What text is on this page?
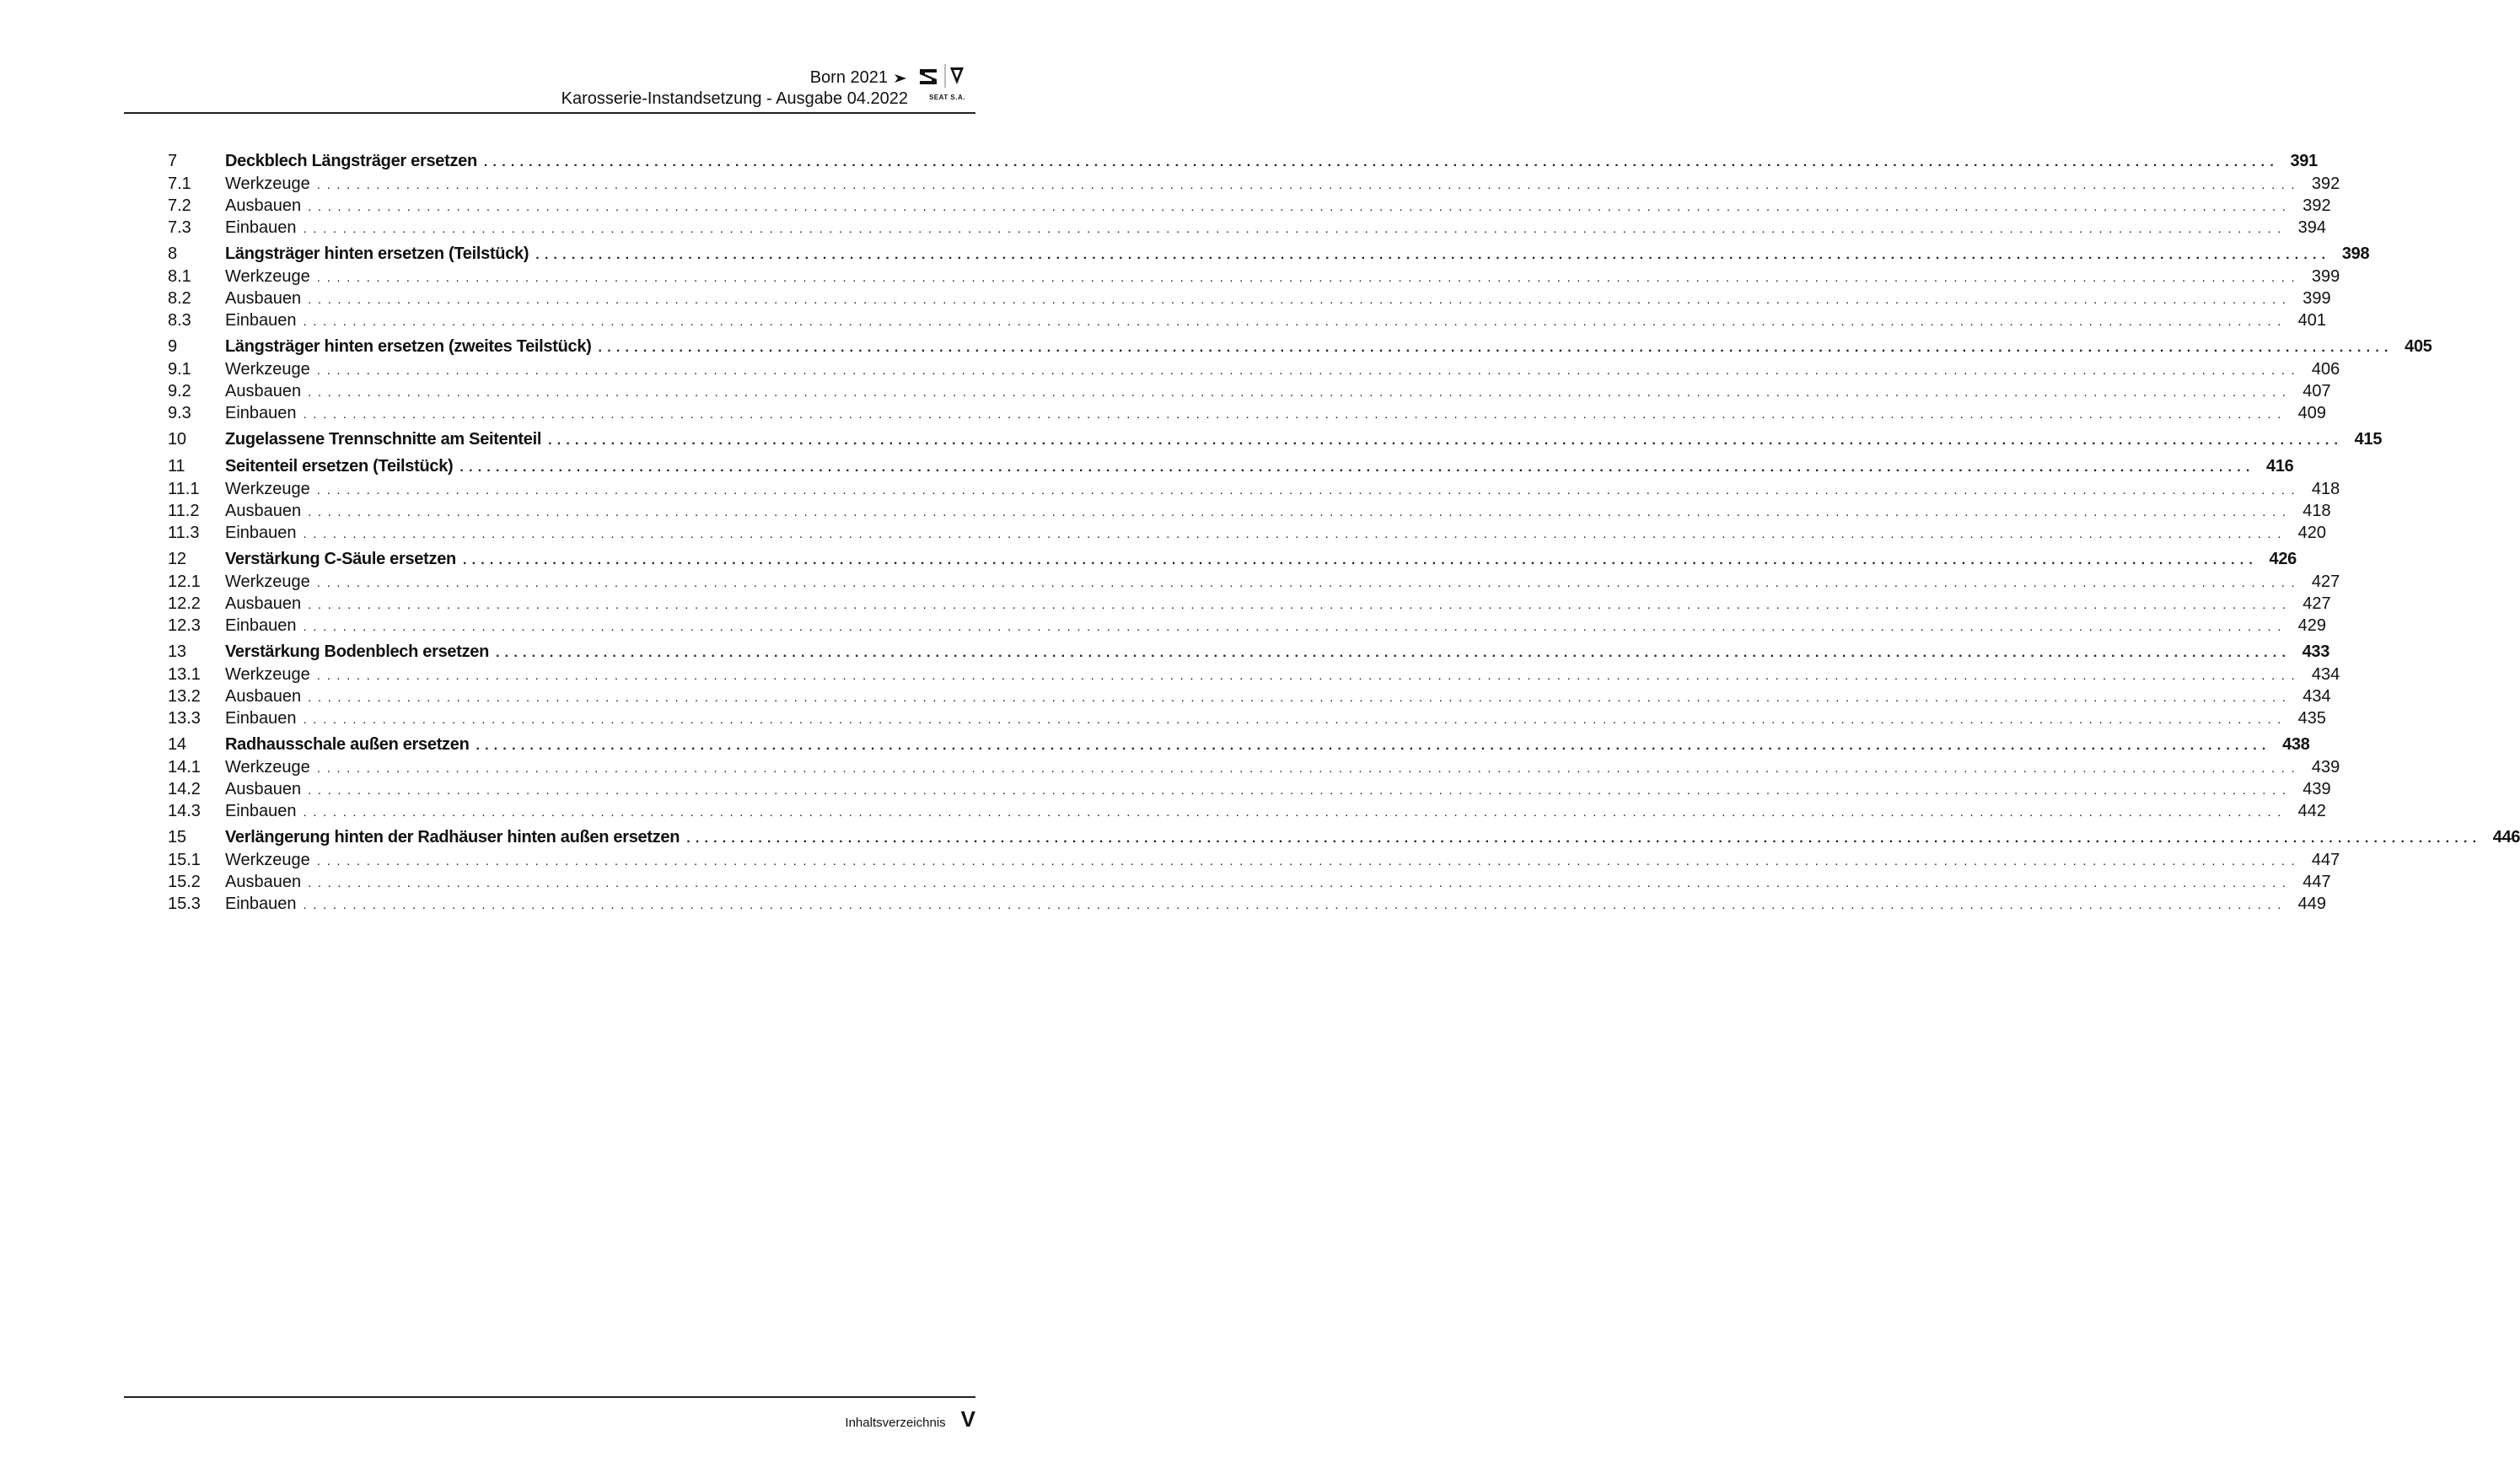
Born 2021
Karosserie-Instandsetzung - Ausgabe 04.2022	SEAT S.A.
7	Deckblech Längsträger ersetzen ........................................................................................................................................................................................................ 391
7.1	Werkzeuge ........................................................................................................................................................................................................ 392
7.2	Ausbauen ........................................................................................................................................................................................................ 392
7.3	Einbauen ........................................................................................................................................................................................................ 394
8	Längsträger hinten ersetzen (Teilstück) ........................................................................................................................................................................................................ 398
8.1	Werkzeuge ........................................................................................................................................................................................................ 399
8.2	Ausbauen ........................................................................................................................................................................................................ 399
8.3	Einbauen ........................................................................................................................................................................................................ 401
9	Längsträger hinten ersetzen (zweites Teilstück) ........................................................................................................................................................................................................ 405
9.1	Werkzeuge ........................................................................................................................................................................................................ 406
9.2	Ausbauen ........................................................................................................................................................................................................ 407
9.3	Einbauen ........................................................................................................................................................................................................ 409
10	Zugelassene Trennschnitte am Seitenteil ........................................................................................................................................................................................................ 415
11	Seitenteil ersetzen (Teilstück) ........................................................................................................................................................................................................ 416
11.1	Werkzeuge ........................................................................................................................................................................................................ 418
11.2	Ausbauen ........................................................................................................................................................................................................ 418
11.3	Einbauen ........................................................................................................................................................................................................ 420
12	Verstärkung C-Säule ersetzen ........................................................................................................................................................................................................ 426
12.1	Werkzeuge ........................................................................................................................................................................................................ 427
12.2	Ausbauen ........................................................................................................................................................................................................ 427
12.3	Einbauen ........................................................................................................................................................................................................ 429
13	Verstärkung Bodenblech ersetzen ........................................................................................................................................................................................................ 433
13.1	Werkzeuge ........................................................................................................................................................................................................ 434
13.2	Ausbauen ........................................................................................................................................................................................................ 434
13.3	Einbauen ........................................................................................................................................................................................................ 435
14	Radhausschale außen ersetzen ........................................................................................................................................................................................................ 438
14.1	Werkzeuge ........................................................................................................................................................................................................ 439
14.2	Ausbauen ........................................................................................................................................................................................................ 439
14.3	Einbauen ........................................................................................................................................................................................................ 442
15	Verlängerung hinten der Radhäuser hinten außen ersetzen ........................................................................................................................................................................................................ 446
15.1	Werkzeuge ........................................................................................................................................................................................................ 447
15.2	Ausbauen ........................................................................................................................................................................................................ 447
15.3	Einbauen ........................................................................................................................................................................................................ 449
Inhaltsverzeichnis V
